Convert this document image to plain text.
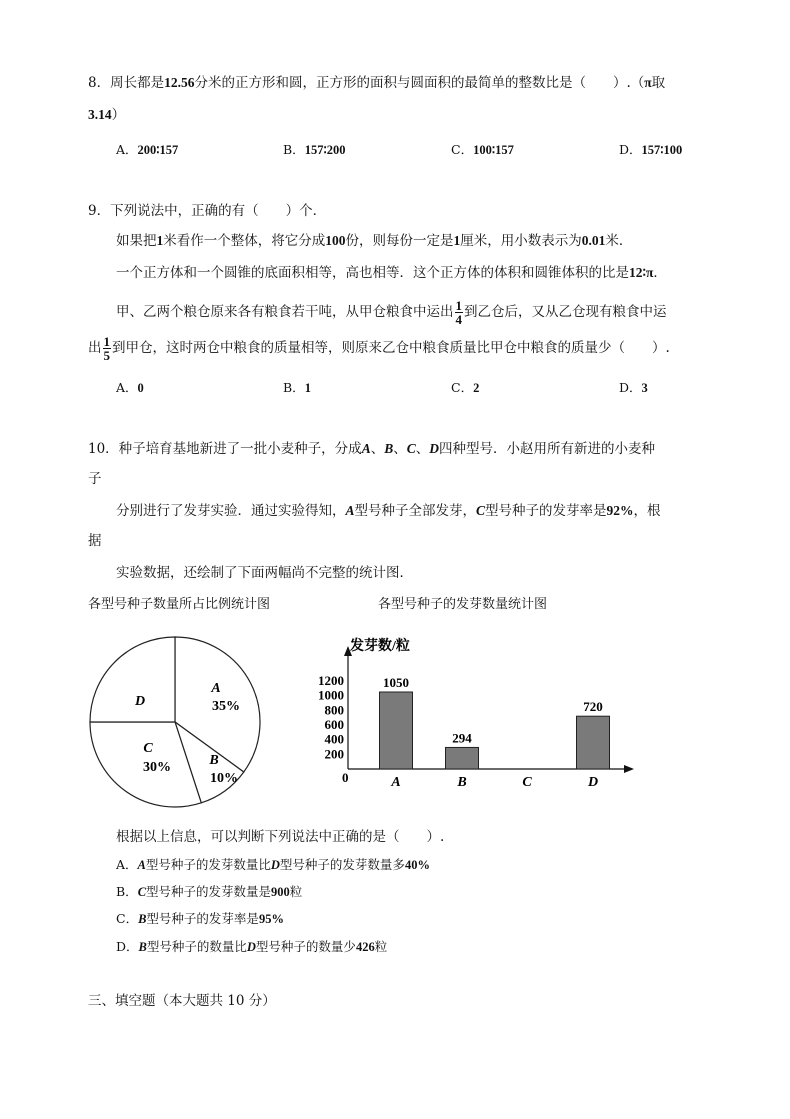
8．周长都是12.56分米的正方形和圆，正方形的面积与圆面积的最简单的整数比是（　　）.（π取
3.14）
A．200∶157	B．157∶200	C．100∶157	D．157∶100
9．下列说法中，正确的有（　　）个．
如果把1米看作一个整体，将它分成100份，则每份一定是1厘米，用小数表示为0.01米．
一个正方体和一个圆锥的底面积相等，高也相等．这个正方体的体积和圆锥体积的比是12∶π．
甲、乙两个粮仓原来各有粮食若干吨，从甲仓粮食中运出 $\frac{1}{4}$ 到乙仓后，又从乙仓现有粮食中运
出 $\frac{1}{5}$ 到甲仓，这时两仓中粮食的质量相等，则原来乙仓中粮食质量比甲仓中粮食的质量少（　　）.
A．0	B．1	C．2	D．3
10．种子培育基地新进了一批小麦种子，分成A、B、C、D四种型号．小赵用所有新进的小麦种
子
分别进行了发芽实验．通过实验得知，A型号种子全部发芽，C型号种子的发芽率是92%，根
据
实验数据，还绘制了下面两幅尚不完整的统计图．
各型号种子数量所占比例统计图	各型号种子的发芽数量统计图
A
35%
B
10%
C
30%
D
发芽数/粒
0
200
400
600
800
1000
1200	1050
A
294
B	C
720
D
根据以上信息，可以判断下列说法中正确的是（　　）.
A．A型号种子的发芽数量比D型号种子的发芽数量多40%
B．C型号种子的发芽数量是900粒
C．B型号种子的发芽率是95%
D．B型号种子的数量比D型号种子的数量少426粒
三、填空题（本大题共 10 分）
